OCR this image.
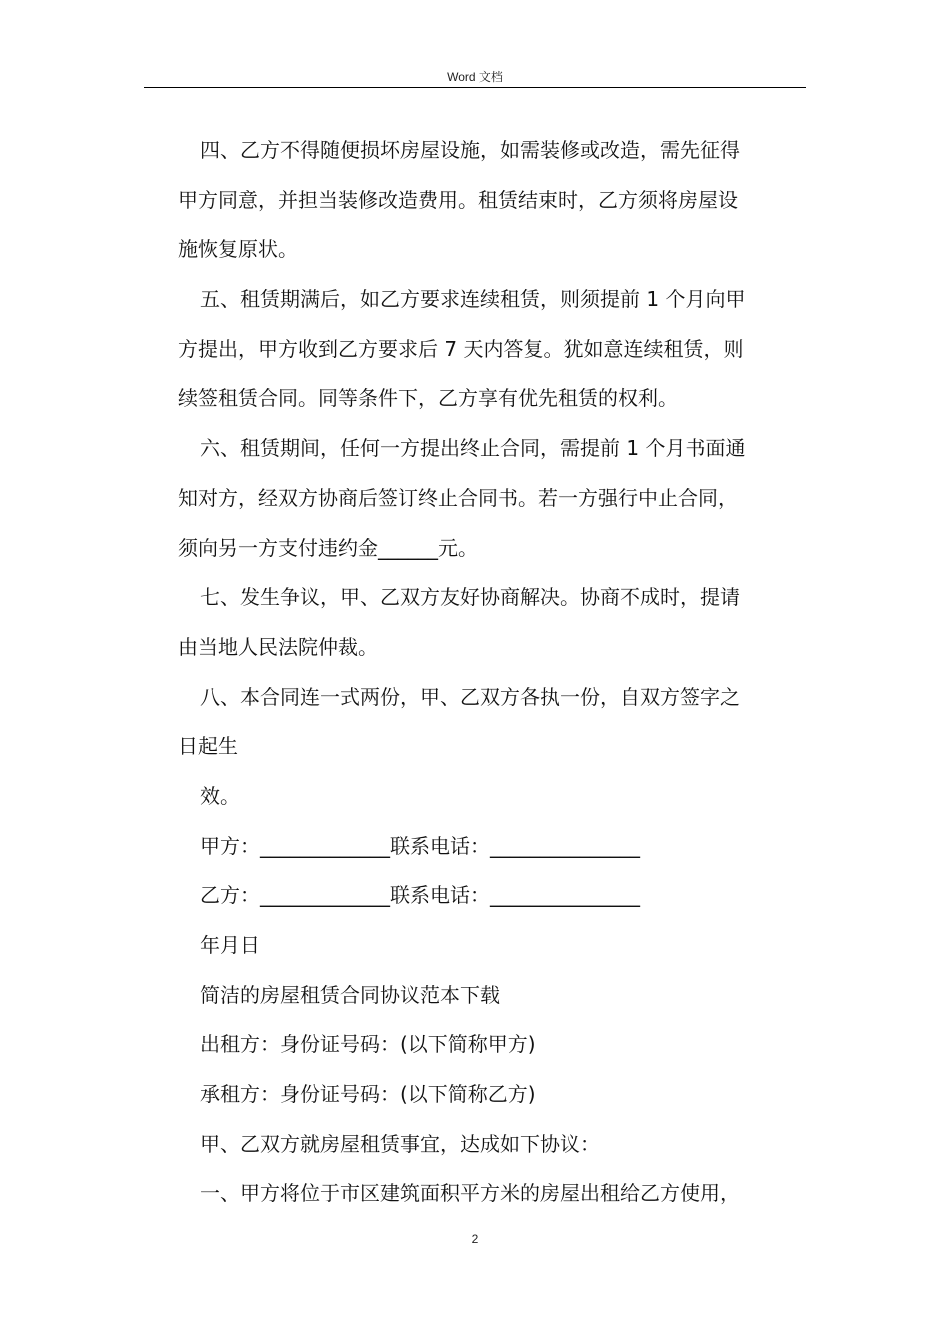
Word 文档
四、乙方不得随便损坏房屋设施，如需装修或改造，需先征得
甲方同意，并担当装修改造费用。租赁结束时，乙方须将房屋设
施恢复原状。
五、租赁期满后，如乙方要求连续租赁，则须提前 1 个月向甲
方提出，甲方收到乙方要求后 7 天内答复。犹如意连续租赁，则
续签租赁合同。同等条件下，乙方享有优先租赁的权利。
六、租赁期间，任何一方提出终止合同，需提前 1 个月书面通
知对方，经双方协商后签订终止合同书。若一方强行中止合同，
须向另一方支付违约金______元。
七、发生争议，甲、乙双方友好协商解决。协商不成时，提请
由当地人民法院仲裁。
八、本合同连一式两份，甲、乙双方各执一份，自双方签字之
日起生
效。
甲方：_____________联系电话：_______________
乙方：_____________联系电话：_______________
年月日
简洁的房屋租赁合同协议范本下载
出租方：身份证号码：(以下简称甲方)
承租方：身份证号码：(以下简称乙方)
甲、乙双方就房屋租赁事宜，达成如下协议：
一、甲方将位于市区建筑面积平方米的房屋出租给乙方使用，
2
